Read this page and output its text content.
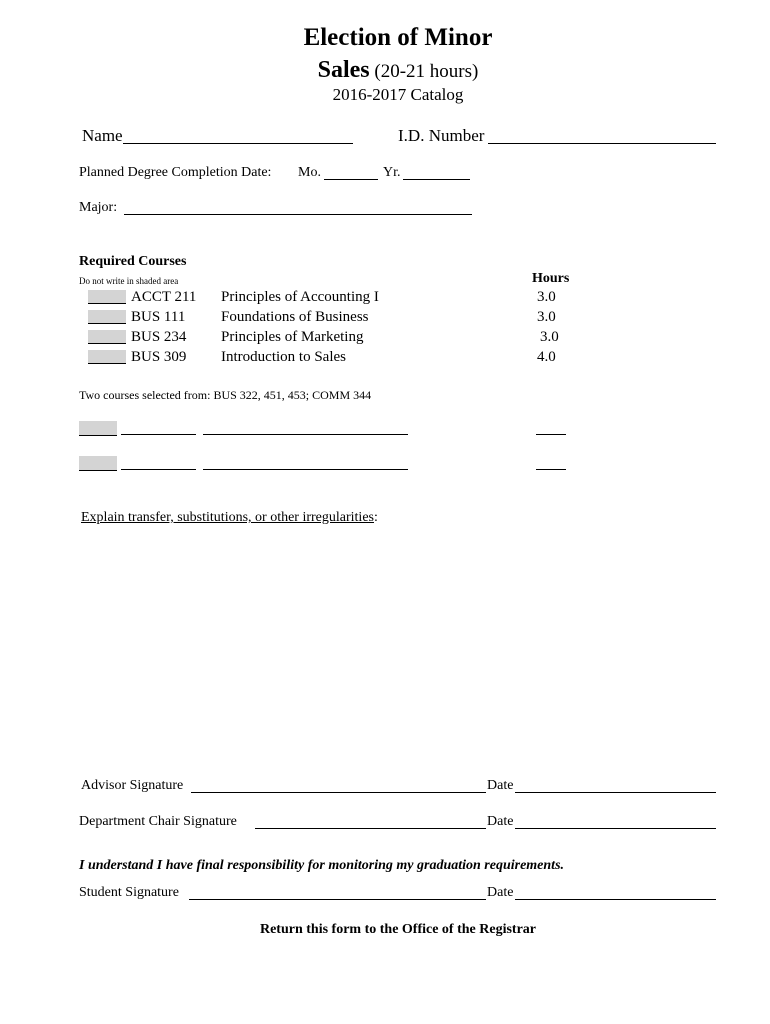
Election of Minor
Sales (20-21 hours)
2016-2017 Catalog
Name	I.D. Number
Planned Degree Completion Date: Mo.	Yr.
Major:
Required Courses
Do not write in shaded area	Hours
ACCT 211 Principles of Accounting I	3.0
BUS 111 Foundations of Business	3.0
BUS 234 Principles of Marketing	3.0
BUS 309 Introduction to Sales	4.0
Two courses selected from: BUS 322, 451, 453; COMM 344
Explain transfer, substitutions, or other irregularities:
Advisor Signature	Date
Department Chair Signature	Date
I understand I have final responsibility for monitoring my graduation requirements.
Student Signature	Date
Return this form to the Office of the Registrar
